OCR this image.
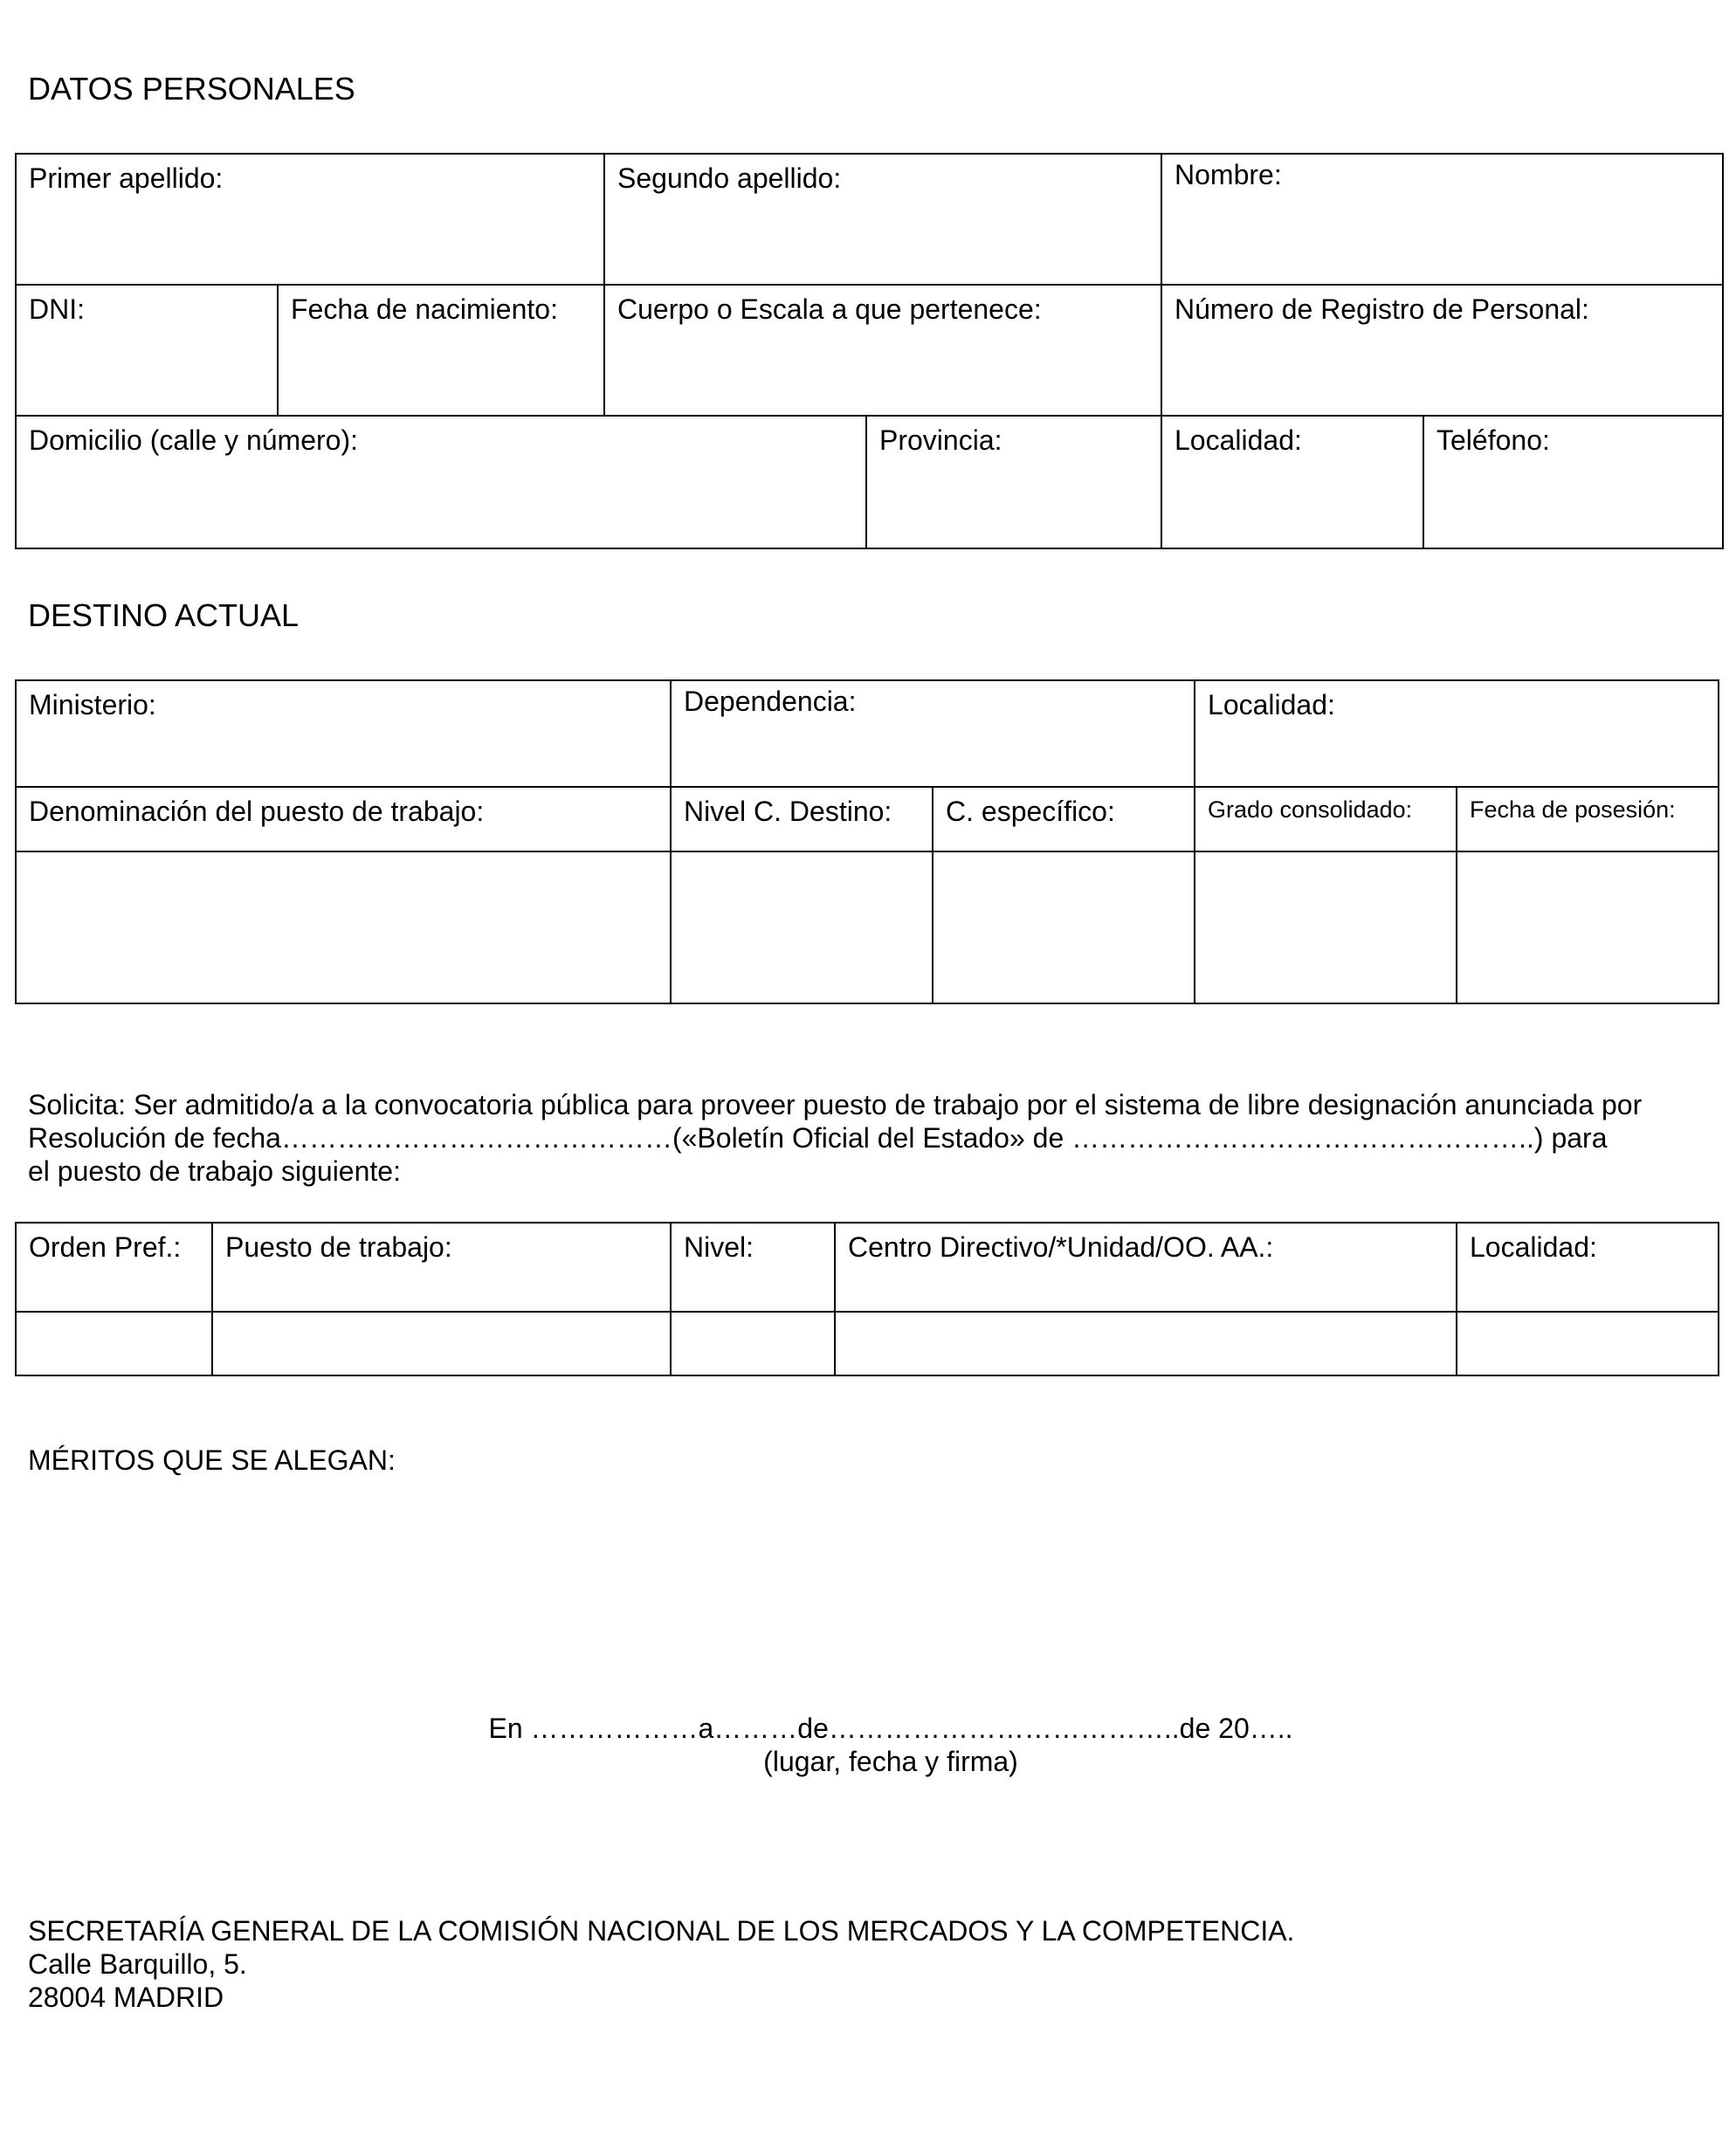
DATOS PERSONALES
Primer apellido:		Segundo apellido:		Nombre:	
DNI:	Fecha de nacimiento:	Cuerpo o Escala a que pertenece:		Número de Registro de Personal:	
Domicilio (calle y número):			Provincia:	Localidad:	Teléfono:
DESTINO ACTUAL
Ministerio:	Dependencia:		Localidad:	
Denominación del puesto de trabajo:	Nivel C. Destino:	C. específico:	Grado consolidado:	Fecha de posesión:

Solicita: Ser admitido/a a la convocatoria pública para proveer puesto de trabajo por el sistema de libre designación anunciada por
Resolución de fecha……………………………………(«Boletín Oficial del Estado» de …………………………………………..) para
el puesto de trabajo siguiente:
Orden Pref.:	Puesto de trabajo:	Nivel:	Centro Directivo/*Unidad/OO. AA.:	Localidad:

MÉRITOS QUE SE ALEGAN:
En ………………a………de………………………………..de 20…..
(lugar, fecha y firma)
SECRETARÍA GENERAL DE LA COMISIÓN NACIONAL DE LOS MERCADOS Y LA COMPETENCIA.
Calle Barquillo, 5.
28004 MADRID
